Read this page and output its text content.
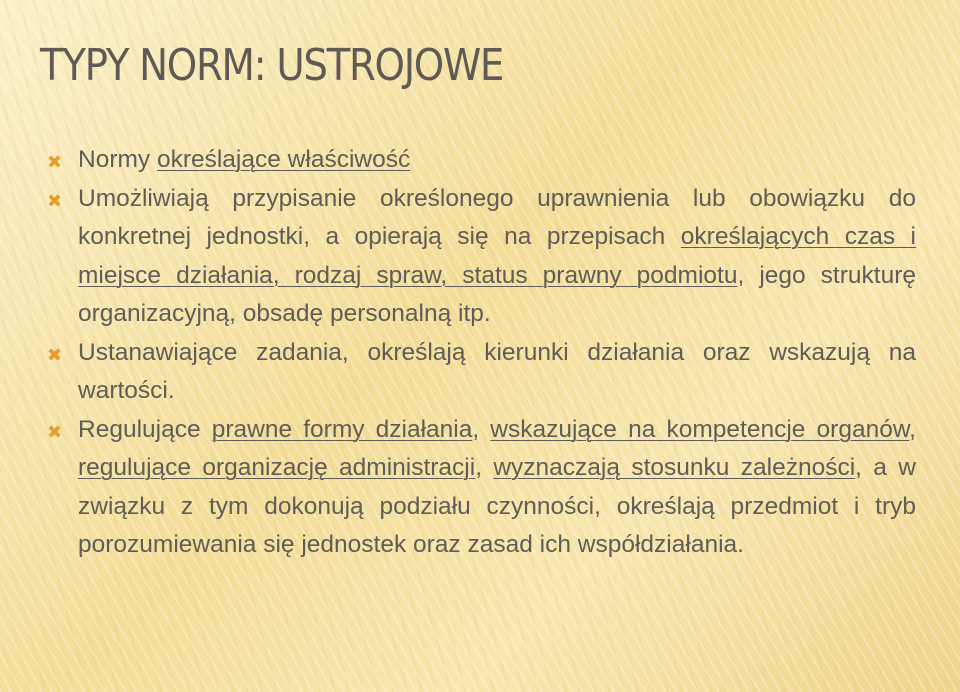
TYPY NORM: USTROJOWE
✖ Normy określające właściwość
✖ Umożliwiają przypisanie określonego uprawnienia lub obowiązku do konkretnej jednostki, a opierają się na przepisach określających czas i miejsce działania, rodzaj spraw, status prawny podmiotu, jego strukturę organizacyjną, obsadę personalną itp.
✖ Ustanawiające zadania, określają kierunki działania oraz wskazują na wartości.
✖ Regulujące prawne formy działania, wskazujące na kompetencje organów, regulujące organizację administracji, wyznaczają stosunku zależności, a w związku z tym dokonują podziału czynności, określają przedmiot i tryb porozumiewania się jednostek oraz zasad ich współdziałania.
